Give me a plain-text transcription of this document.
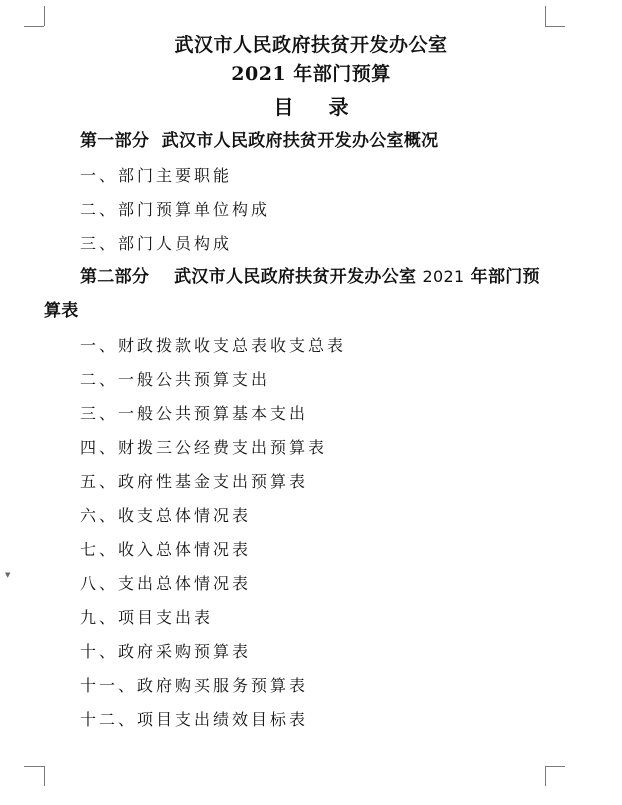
▼
武汉市人民政府扶贫开发办公室
2021 年部门预算
目 录
第一部分 武汉市人民政府扶贫开发办公室概况
一、部门主要职能
二、部门预算单位构成
三、部门人员构成
第二部分 武汉市人民政府扶贫开发办公室 2021 年部门预
算表
一、财政拨款收支总表收支总表
二、一般公共预算支出
三、一般公共预算基本支出
四、财拨三公经费支出预算表
五、政府性基金支出预算表
六、收支总体情况表
七、收入总体情况表
八、支出总体情况表
九、项目支出表
十、政府采购预算表
十一、政府购买服务预算表
十二、项目支出绩效目标表
